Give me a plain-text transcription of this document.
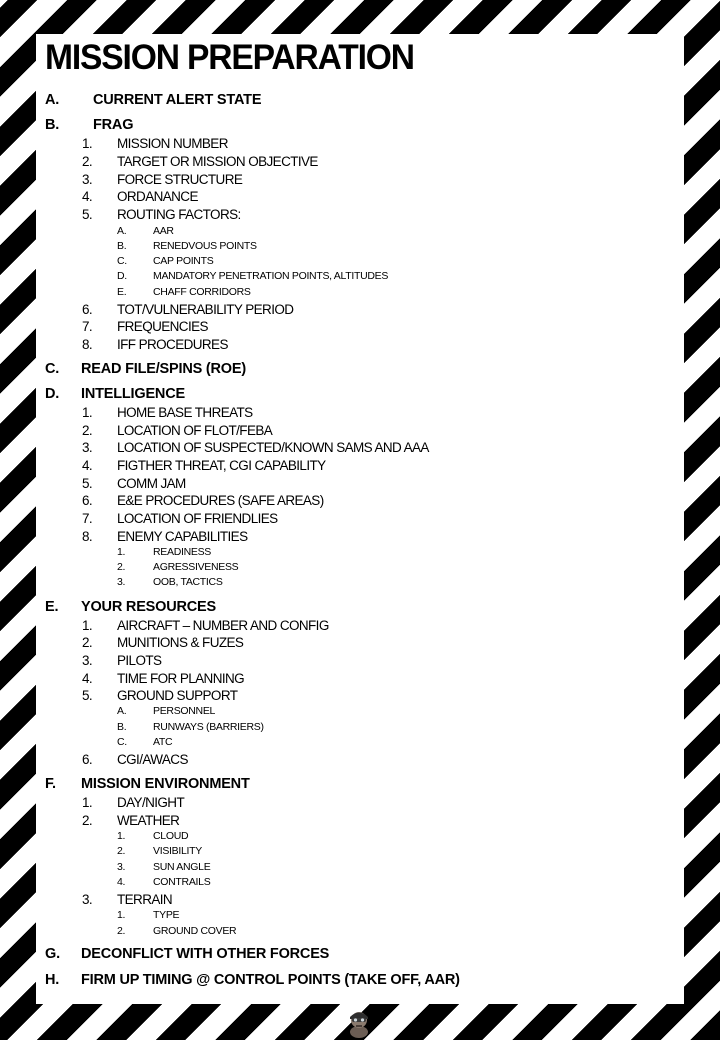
MISSION PREPARATION
A. CURRENT ALERT STATE
B. FRAG
1. MISSION NUMBER
2. TARGET OR MISSION OBJECTIVE
3. FORCE STRUCTURE
4. ORDANANCE
5. ROUTING FACTORS:
A.	AAR
B.	RENEDVOUS POINTS
C. CAP POINTS
D. MANDATORY PENETRATION POINTS, ALTITUDES
E.	CHAFF CORRIDORS
6. TOT/VULNERABILITY PERIOD
7. FREQUENCIES
8. IFF PROCEDURES
C. READ FILE/SPINS (ROE)
D. INTELLIGENCE
1. HOME BASE THREATS
2. LOCATION OF FLOT/FEBA
3. LOCATION OF SUSPECTED/KNOWN SAMS AND AAA
4. FIGTHER THREAT, CGI CAPABILITY
5. COMM JAM
6. E&E PROCEDURES (SAFE AREAS)
7. LOCATION OF FRIENDLIES
8. ENEMY CAPABILITIES
1.	READINESS
2.	AGRESSIVENESS
3.	OOB, TACTICS
E. YOUR RESOURCES
1. AIRCRAFT – NUMBER AND CONFIG
2. MUNITIONS & FUZES
3. PILOTS
4. TIME FOR PLANNING
5. GROUND SUPPORT
A.	PERSONNEL
B.	RUNWAYS (BARRIERS)
C. ATC
6. CGI/AWACS
F. MISSION ENVIRONMENT
1. DAY/NIGHT
2. WEATHER
1.	CLOUD
2.	VISIBILITY
3.	SUN ANGLE
4.	CONTRAILS
3. TERRAIN
1.	TYPE
2.	GROUND COVER
G. DECONFLICT WITH OTHER FORCES
H. FIRM UP TIMING @ CONTROL POINTS (TAKE OFF, AAR)
